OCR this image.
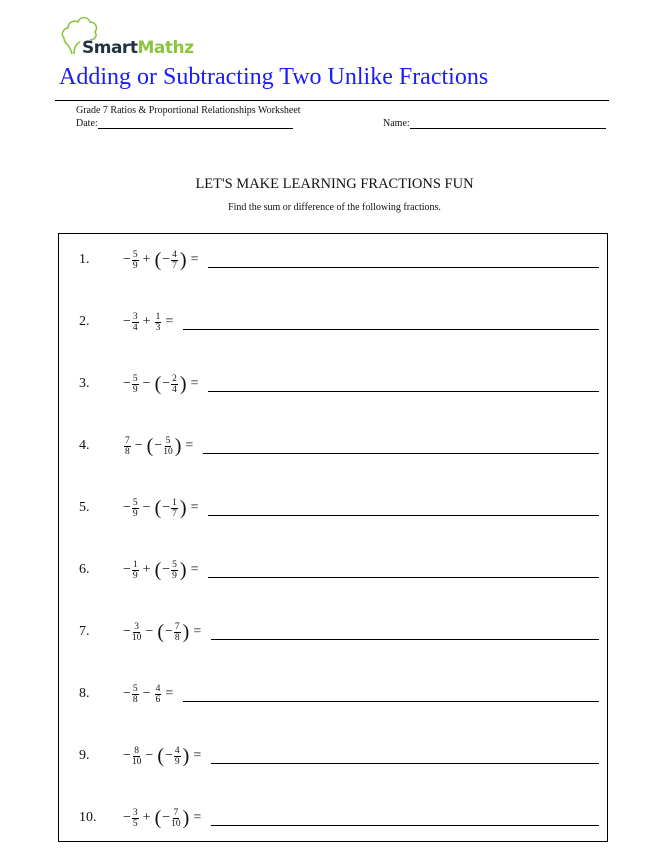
SmartMathz
Adding or Subtracting Two Unlike Fractions
Grade 7 Ratios & Proportional Relationships Worksheet
Date:	Name:
LET'S MAKE LEARNING FRACTIONS FUN
Find the sum or difference of the following fractions.
1.	− $\frac{5}{9}$ + ( − $\frac{4}{7}$ ) =
2.	− $\frac{3}{4} + \frac{1}{3}$ =
3.	− $\frac{5}{9}$ − ( − $\frac{2}{4}$ ) =
4.	$\frac{7}{8}$ − ( − $\frac{5}{10}$ ) =
5.	− $\frac{5}{9}$ − ( − $\frac{1}{7}$ ) =
6.	− $\frac{1}{9}$ + ( − $\frac{5}{9}$ ) =
7.	− $\frac{3}{10}$ − ( − $\frac{7}{8}$ ) =
8.	− $\frac{5}{8} - \frac{4}{6}$ =
9.	− $\frac{8}{10}$ − ( − $\frac{4}{9}$ ) =
10.	− $\frac{3}{5}$ + ( − $\frac{7}{10}$ ) =
